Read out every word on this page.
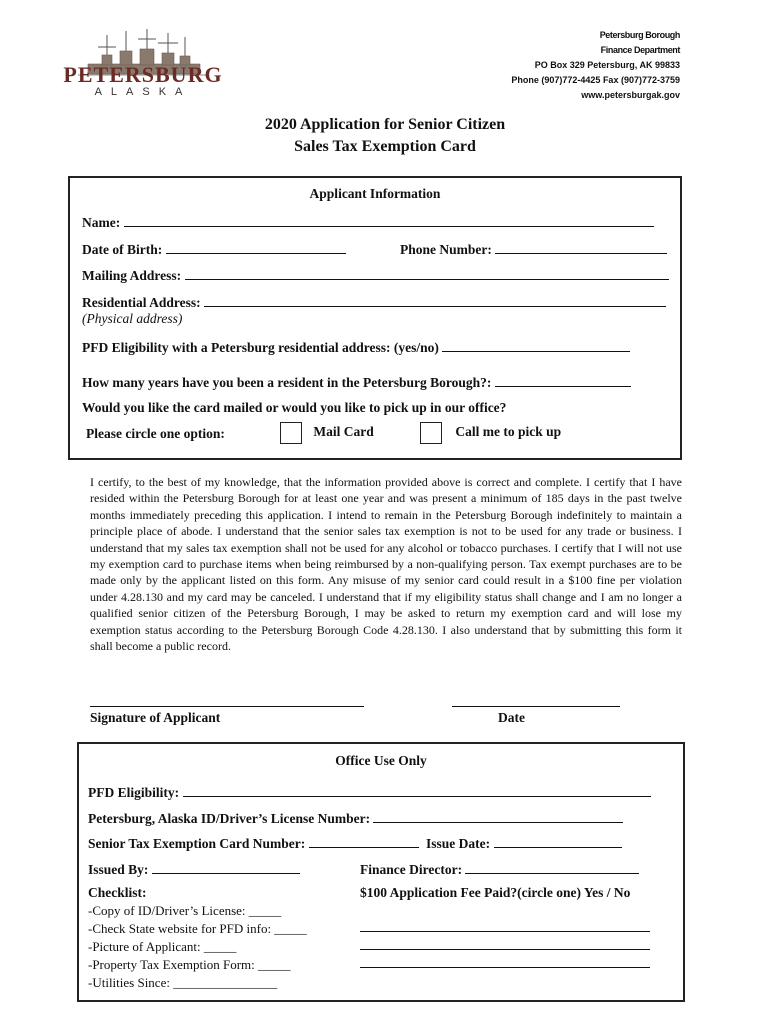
PETERSBURG
ALASKA
Petersburg Borough
Finance Department
PO Box 329 Petersburg, AK 99833
Phone (907)772-4425 Fax (907)772-3759
www.petersburgak.gov
2020 Application for Senior Citizen
Sales Tax Exemption Card
Applicant Information
Name:
Date of Birth:	Phone Number:
Mailing Address:
Residential Address:
(Physical address)
PFD Eligibility with a Petersburg residential address: (yes/no)
How many years have you been a resident in the Petersburg Borough?:
Would you like the card mailed or would you like to pick up in our office?
Please circle one option:	Mail Card	Call me to pick up
I certify, to the best of my knowledge, that the information provided above is correct and complete. I certify that I have resided within the Petersburg Borough for at least one year and was present a minimum of 185 days in the past twelve months immediately preceding this application. I intend to remain in the Petersburg Borough indefinitely to maintain a principle place of abode. I understand that the senior sales tax exemption is not to be used for any trade or business. I understand that my sales tax exemption shall not be used for any alcohol or tobacco purchases. I certify that I will not use my exemption card to purchase items when being reimbursed by a non-qualifying person. Tax exempt purchases are to be made only by the applicant listed on this form. Any misuse of my senior card could result in a $100 fine per violation under 4.28.130 and my card may be canceled. I understand that if my eligibility status shall change and I am no longer a qualified senior citizen of the Petersburg Borough, I may be asked to return my exemption card and will lose my exemption status according to the Petersburg Borough Code 4.28.130. I also understand that by submitting this form it shall become a public record.
Signature of Applicant	Date
Office Use Only
PFD Eligibility:
Petersburg, Alaska ID/Driver’s License Number:
Senior Tax Exemption Card Number:	Issue Date:
Issued By:	Finance Director:
Checklist:	$100 Application Fee Paid?(circle one) Yes / No
-Copy of ID/Driver’s License: _____
-Check State website for PFD info: _____
-Picture of Applicant: _____
-Property Tax Exemption Form: _____
-Utilities Since: ________________
